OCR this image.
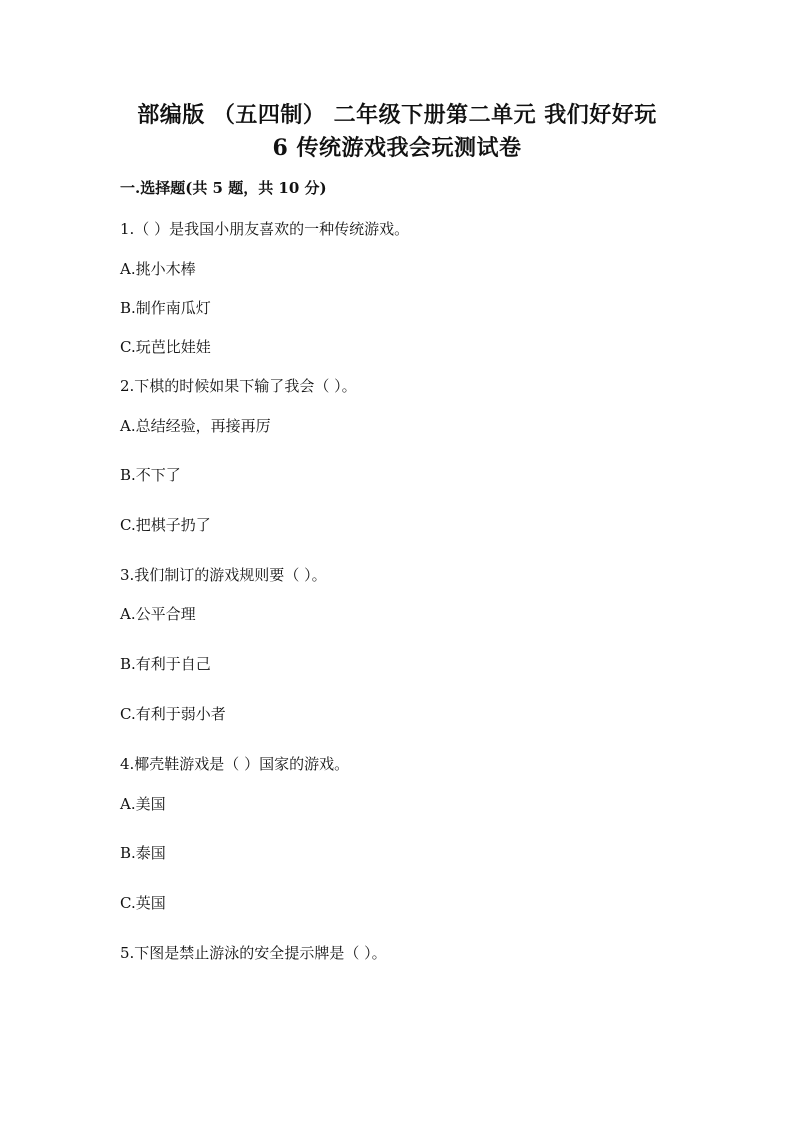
部编版 （五四制） 二年级下册第二单元 我们好好玩
6 传统游戏我会玩测试卷
一.选择题(共 5 题，共 10 分)
1.（ ）是我国小朋友喜欢的一种传统游戏。
A.挑小木棒
B.制作南瓜灯
C.玩芭比娃娃
2.下棋的时候如果下输了我会（ ）。
A.总结经验，再接再厉
B.不下了
C.把棋子扔了
3.我们制订的游戏规则要（ ）。
A.公平合理
B.有利于自己
C.有利于弱小者
4.椰壳鞋游戏是（ ）国家的游戏。
A.美国
B.泰国
C.英国
5.下图是禁止游泳的安全提示牌是（ ）。
